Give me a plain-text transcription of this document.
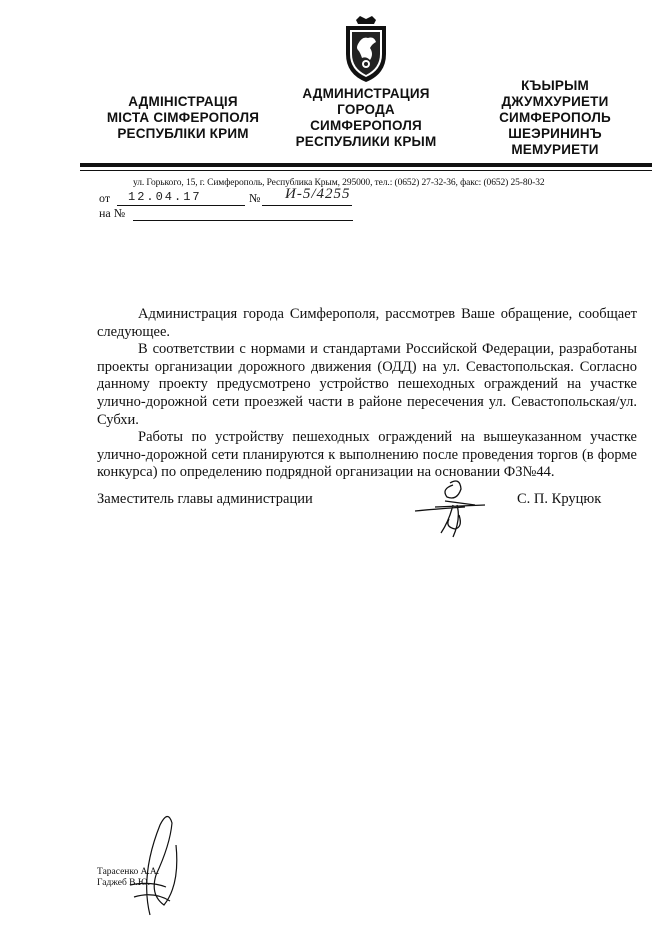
АДМІНІСТРАЦІЯ
МІСТА СІМФЕРОПОЛЯ
РЕСПУБЛІКИ КРИМ
АДМИНИСТРАЦИЯ
ГОРОДА
СИМФЕРОПОЛЯ
РЕСПУБЛИКИ КРЫМ
КЪЫРЫМ
ДЖУМХУРИЕТИ
СИМФЕРОПОЛЬ
ШЕЭРИНИНЪ
МЕМУРИЕТИ
ул. Горького, 15, г. Симферополь, Республика Крым, 295000, тел.: (0652) 27-32-36, факс: (0652) 25-80-32
от 12.04.17	№ И-5/4255
на №

Администрация города Симферополя, рассмотрев Ваше обращение, сообщает следующее.

В соответствии с нормами и стандартами Российской Федерации, разработаны проекты организации дорожного движения (ОДД) на ул. Севастопольская. Согласно данному проекту предусмотрено устройство пешеходных ограждений на участке улично-дорожной сети проезжей части в районе пересечения ул. Севастопольская/ул. Субхи.

Работы по устройству пешеходных ограждений на вышеуказанном участке улично-дорожной сети планируются к выполнению после проведения торгов (в форме конкурса) по определению подрядной организации на основании ФЗ№44.

Заместитель главы администрации	С. П. Круцюк
Тарасенко А.А.
Гаджеб В.Ю.
